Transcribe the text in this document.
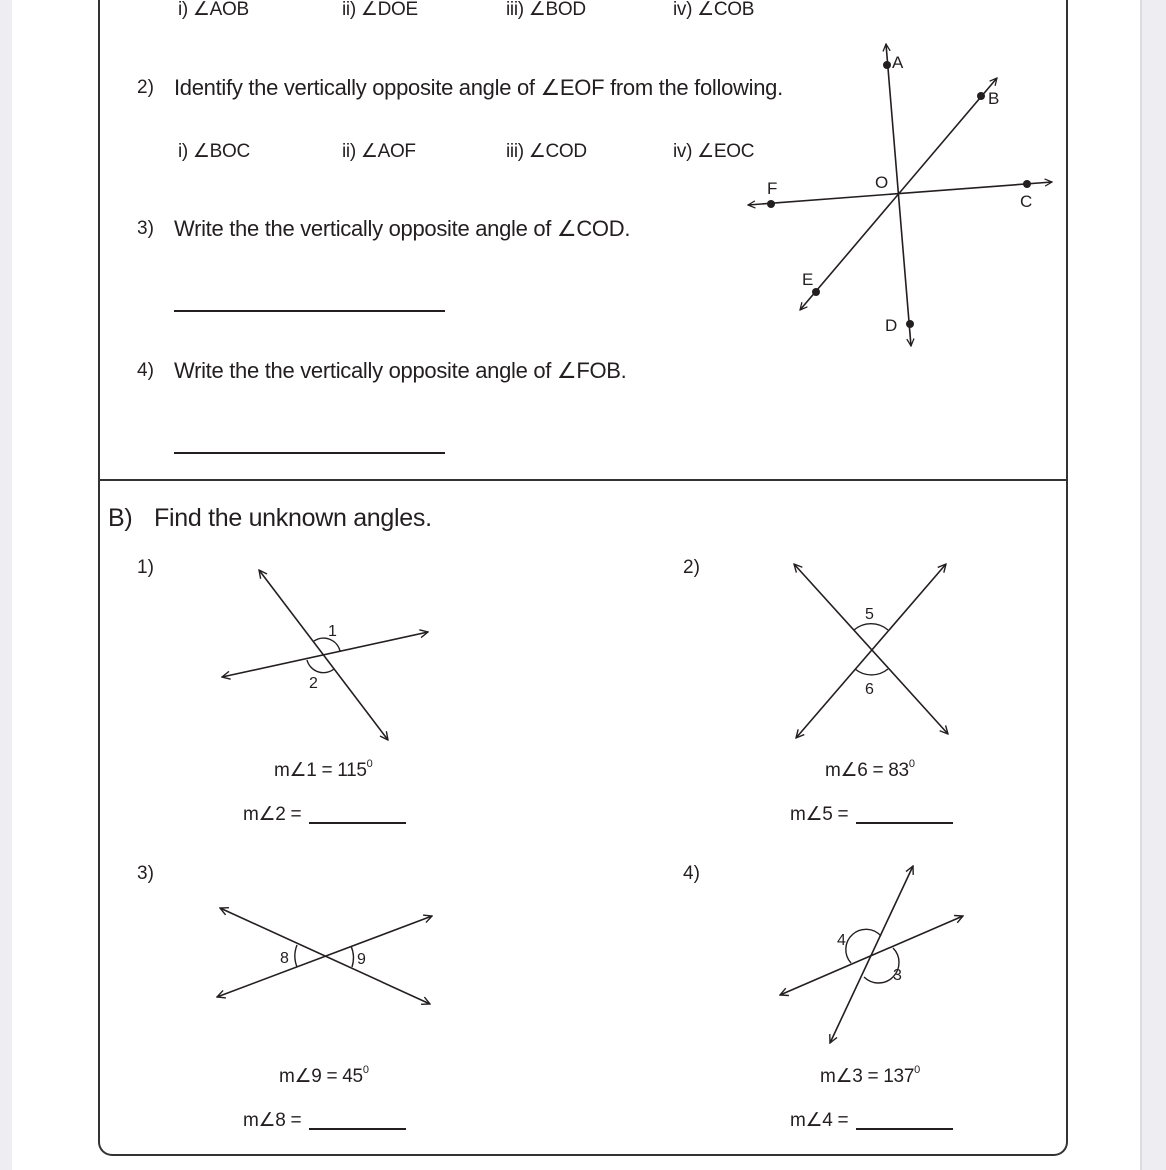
i) ∠AOB	ii) ∠DOE	iii) ∠BOD	iv) ∠COB
2) Identify the vertically opposite angle of ∠EOF from the following.
i) ∠BOC	ii) ∠AOF	iii) ∠COD	iv) ∠EOC
3) Write the the vertically opposite angle of ∠COD.
4) Write the the vertically opposite angle of ∠FOB.
A
B
C
D
E
F	O
B) Find the unknown angles.
1)	2)
3)	4)
1
2
5
6
8	9
4
3
m∠1 = $115^0$
m∠2 =
m∠6 = $83^0$
m∠5 =
m∠9 = $45^0$
m∠8 =
m∠3 = $137^0$
m∠4 =
